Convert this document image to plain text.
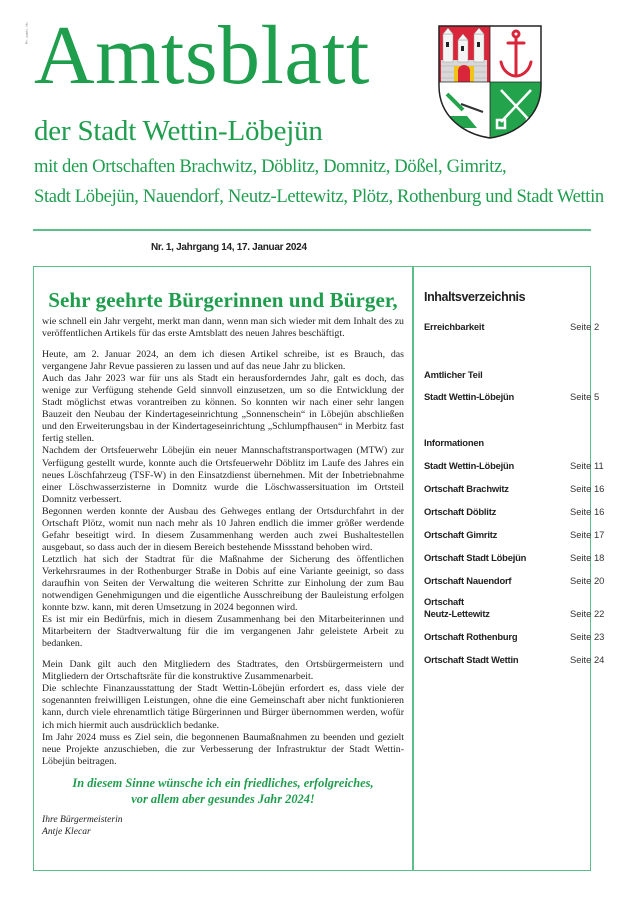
Pr. amtl. Hr Amtsblatt
der Stadt Wettin-Löbejün
mit den Ortschaften Brachwitz, Döblitz, Domnitz, Dößel, Gimritz,
Stadt Löbejün, Nauendorf, Neutz-Lettewitz, Plötz, Rothenburg und Stadt Wettin
Nr. 1, Jahrgang 14, 17. Januar 2024
Sehr geehrte Bürgerinnen und Bürger,

wie schnell ein Jahr vergeht, merkt man dann, wenn man sich wieder mit dem Inhalt des zu veröffentlichen Artikels für das erste Amtsblatt des neuen Jahres beschäftigt.

Heute, am 2. Januar 2024, an dem ich diesen Artikel schreibe, ist es Brauch, das vergangene Jahr Revue passieren zu lassen und auf das neue Jahr zu blicken.

Auch das Jahr 2023 war für uns als Stadt ein herausforderndes Jahr, galt es doch, das wenige zur Verfügung stehende Geld sinnvoll einzusetzen, um so die Entwicklung der Stadt möglichst etwas vorantreiben zu können. So konnten wir nach einer sehr langen Bauzeit den Neubau der Kindertageseinrichtung „Sonnenschein“ in Löbejün abschließen und den Erweiterungsbau in der Kindertageseinrichtung „Schlumpfhausen“ in Merbitz fast fertig stellen.

Nachdem der Ortsfeuerwehr Löbejün ein neuer Mannschaftstransportwagen (MTW) zur Verfügung gestellt wurde, konnte auch die Ortsfeuerwehr Döblitz im Laufe des Jahres ein neues Löschfahrzeug (TSF-W) in den Einsatzdienst übernehmen. Mit der Inbetriebnahme einer Löschwasserzisterne in Domnitz wurde die Löschwassersituation im Ortsteil Domnitz verbessert.

Begonnen werden konnte der Ausbau des Gehweges entlang der Ortsdurchfahrt in der Ortschaft Plötz, womit nun nach mehr als 10 Jahren endlich die immer größer werdende Gefahr beseitigt wird. In diesem Zusammenhang werden auch zwei Bushaltestellen ausgebaut, so dass auch der in diesem Bereich bestehende Missstand behoben wird.

Letztlich hat sich der Stadtrat für die Maßnahme der Sicherung des öffentlichen Verkehrsraumes in der Rothenburger Straße in Dobis auf eine Variante geeinigt, so dass daraufhin von Seiten der Verwaltung die weiteren Schritte zur Einholung der zum Bau notwendigen Genehmigungen und die eigentliche Ausschreibung der Bauleistung erfolgen konnte bzw. kann, mit deren Umsetzung in 2024 begonnen wird.

Es ist mir ein Bedürfnis, mich in diesem Zusammenhang bei den Mitarbeiterinnen und Mitarbeitern der Stadtverwaltung für die im vergangenen Jahr geleistete Arbeit zu bedanken.

Mein Dank gilt auch den Mitgliedern des Stadtrates, den Ortsbürgermeistern und Mitgliedern der Ortschaftsräte für die konstruktive Zusammenarbeit.

Die schlechte Finanzausstattung der Stadt Wettin-Löbejün erfordert es, dass viele der sogenannten freiwilligen Leistungen, ohne die eine Gemeinschaft aber nicht funktionieren kann, durch viele ehrenamtlich tätige Bürgerinnen und Bürger übernommen werden, wofür ich mich hiermit auch ausdrücklich bedanke.

Im Jahr 2024 muss es Ziel sein, die begonnenen Baumaßnahmen zu beenden und gezielt neue Projekte anzuschieben, die zur Verbesserung der Infrastruktur der Stadt Wettin-Löbejün beitragen.

In diesem Sinne wünsche ich ein friedliches, erfolgreiches,
vor allem aber gesundes Jahr 2024!
Ihre Bürgermeisterin
Antje Klecar
Inhaltsverzeichnis
Erreichbarkeit	Seite 2
Amtlicher Teil
Stadt Wettin-Löbejün	Seite 5
Informationen
Stadt Wettin-Löbejün	Seite 11
Ortschaft Brachwitz	Seite 16
Ortschaft Döblitz	Seite 16
Ortschaft Gimritz	Seite 17
Ortschaft Stadt Löbejün	Seite 18
Ortschaft Nauendorf	Seite 20
Ortschaft
Neutz-Lettewitz	Seite 22
Ortschaft Rothenburg	Seite 23
Ortschaft Stadt Wettin	Seite 24
